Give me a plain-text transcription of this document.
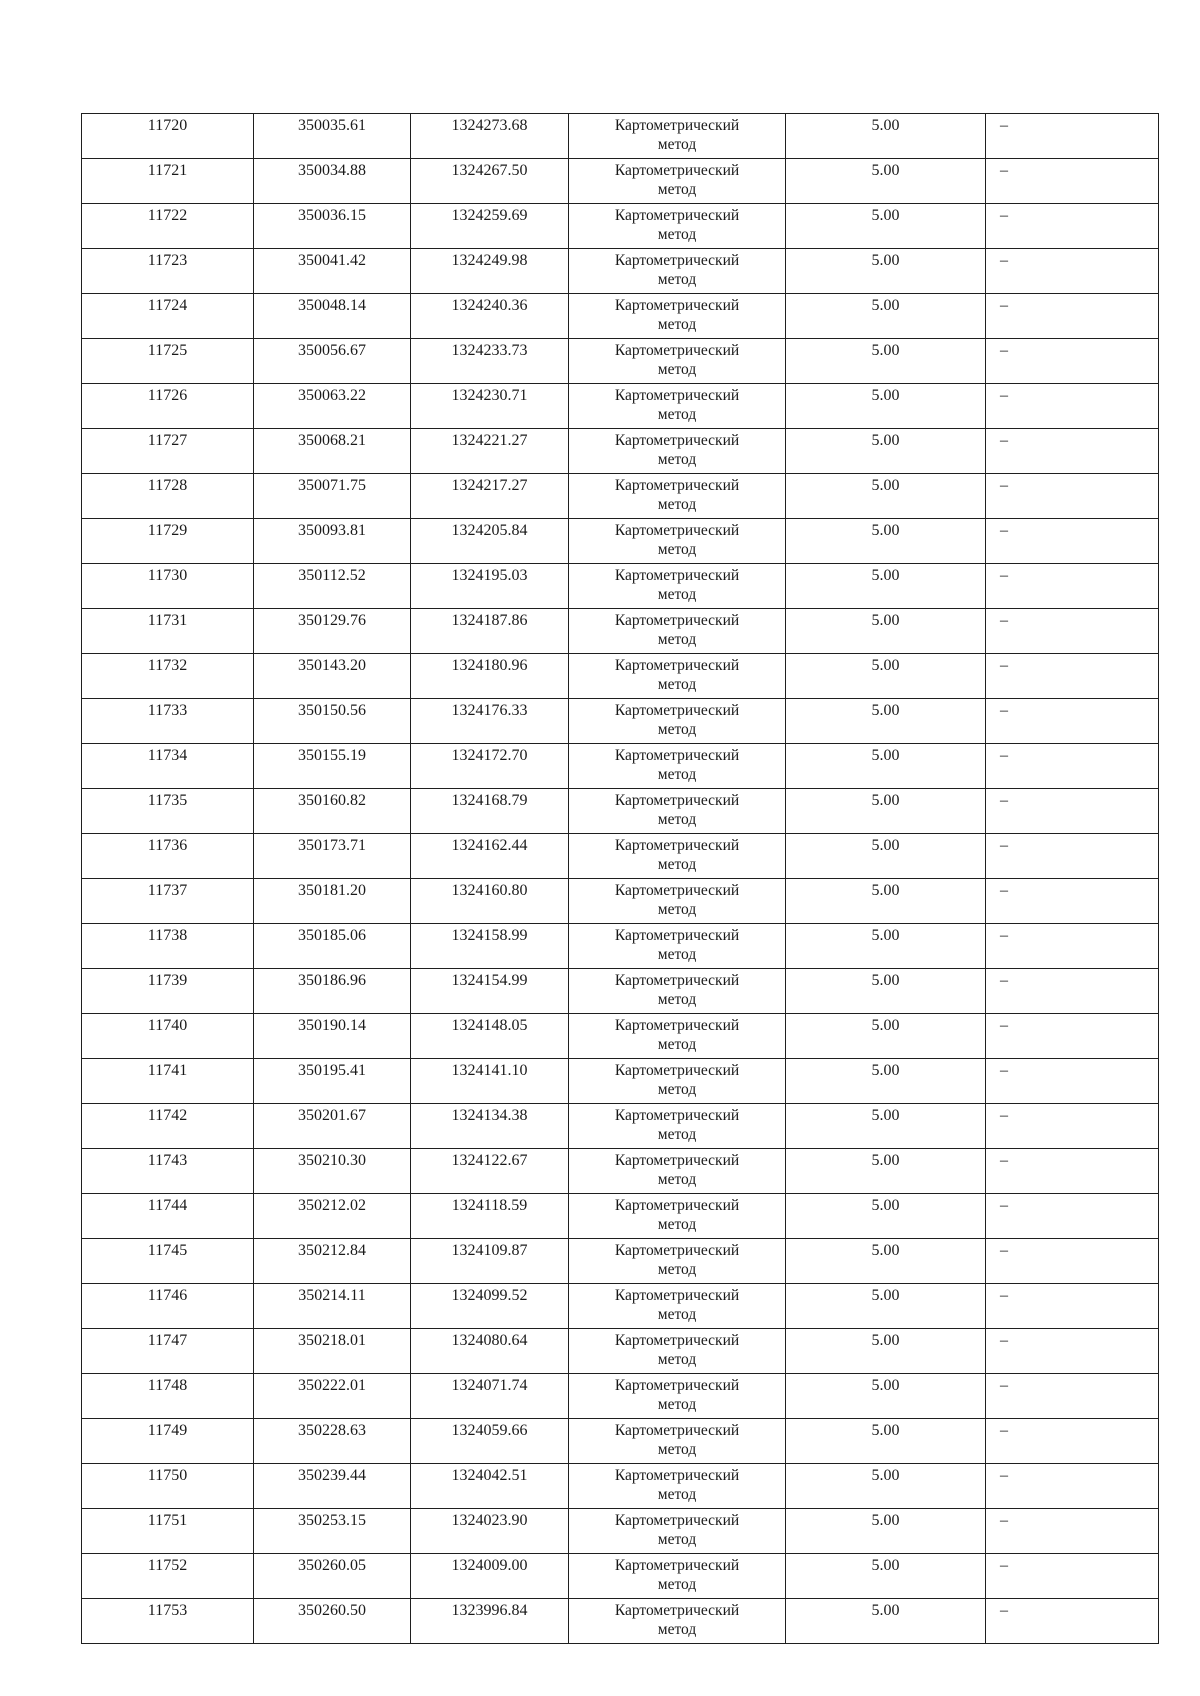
11720	350035.61	1324273.68	Картометрический
метод	5.00	–
11721	350034.88	1324267.50	Картометрический
метод	5.00	–
11722	350036.15	1324259.69	Картометрический
метод	5.00	–
11723	350041.42	1324249.98	Картометрический
метод	5.00	–
11724	350048.14	1324240.36	Картометрический
метод	5.00	–
11725	350056.67	1324233.73	Картометрический
метод	5.00	–
11726	350063.22	1324230.71	Картометрический
метод	5.00	–
11727	350068.21	1324221.27	Картометрический
метод	5.00	–
11728	350071.75	1324217.27	Картометрический
метод	5.00	–
11729	350093.81	1324205.84	Картометрический
метод	5.00	–
11730	350112.52	1324195.03	Картометрический
метод	5.00	–
11731	350129.76	1324187.86	Картометрический
метод	5.00	–
11732	350143.20	1324180.96	Картометрический
метод	5.00	–
11733	350150.56	1324176.33	Картометрический
метод	5.00	–
11734	350155.19	1324172.70	Картометрический
метод	5.00	–
11735	350160.82	1324168.79	Картометрический
метод	5.00	–
11736	350173.71	1324162.44	Картометрический
метод	5.00	–
11737	350181.20	1324160.80	Картометрический
метод	5.00	–
11738	350185.06	1324158.99	Картометрический
метод	5.00	–
11739	350186.96	1324154.99	Картометрический
метод	5.00	–
11740	350190.14	1324148.05	Картометрический
метод	5.00	–
11741	350195.41	1324141.10	Картометрический
метод	5.00	–
11742	350201.67	1324134.38	Картометрический
метод	5.00	–
11743	350210.30	1324122.67	Картометрический
метод	5.00	–
11744	350212.02	1324118.59	Картометрический
метод	5.00	–
11745	350212.84	1324109.87	Картометрический
метод	5.00	–
11746	350214.11	1324099.52	Картометрический
метод	5.00	–
11747	350218.01	1324080.64	Картометрический
метод	5.00	–
11748	350222.01	1324071.74	Картометрический
метод	5.00	–
11749	350228.63	1324059.66	Картометрический
метод	5.00	–
11750	350239.44	1324042.51	Картометрический
метод	5.00	–
11751	350253.15	1324023.90	Картометрический
метод	5.00	–
11752	350260.05	1324009.00	Картометрический
метод	5.00	–
11753	350260.50	1323996.84	Картометрический
метод	5.00	–
